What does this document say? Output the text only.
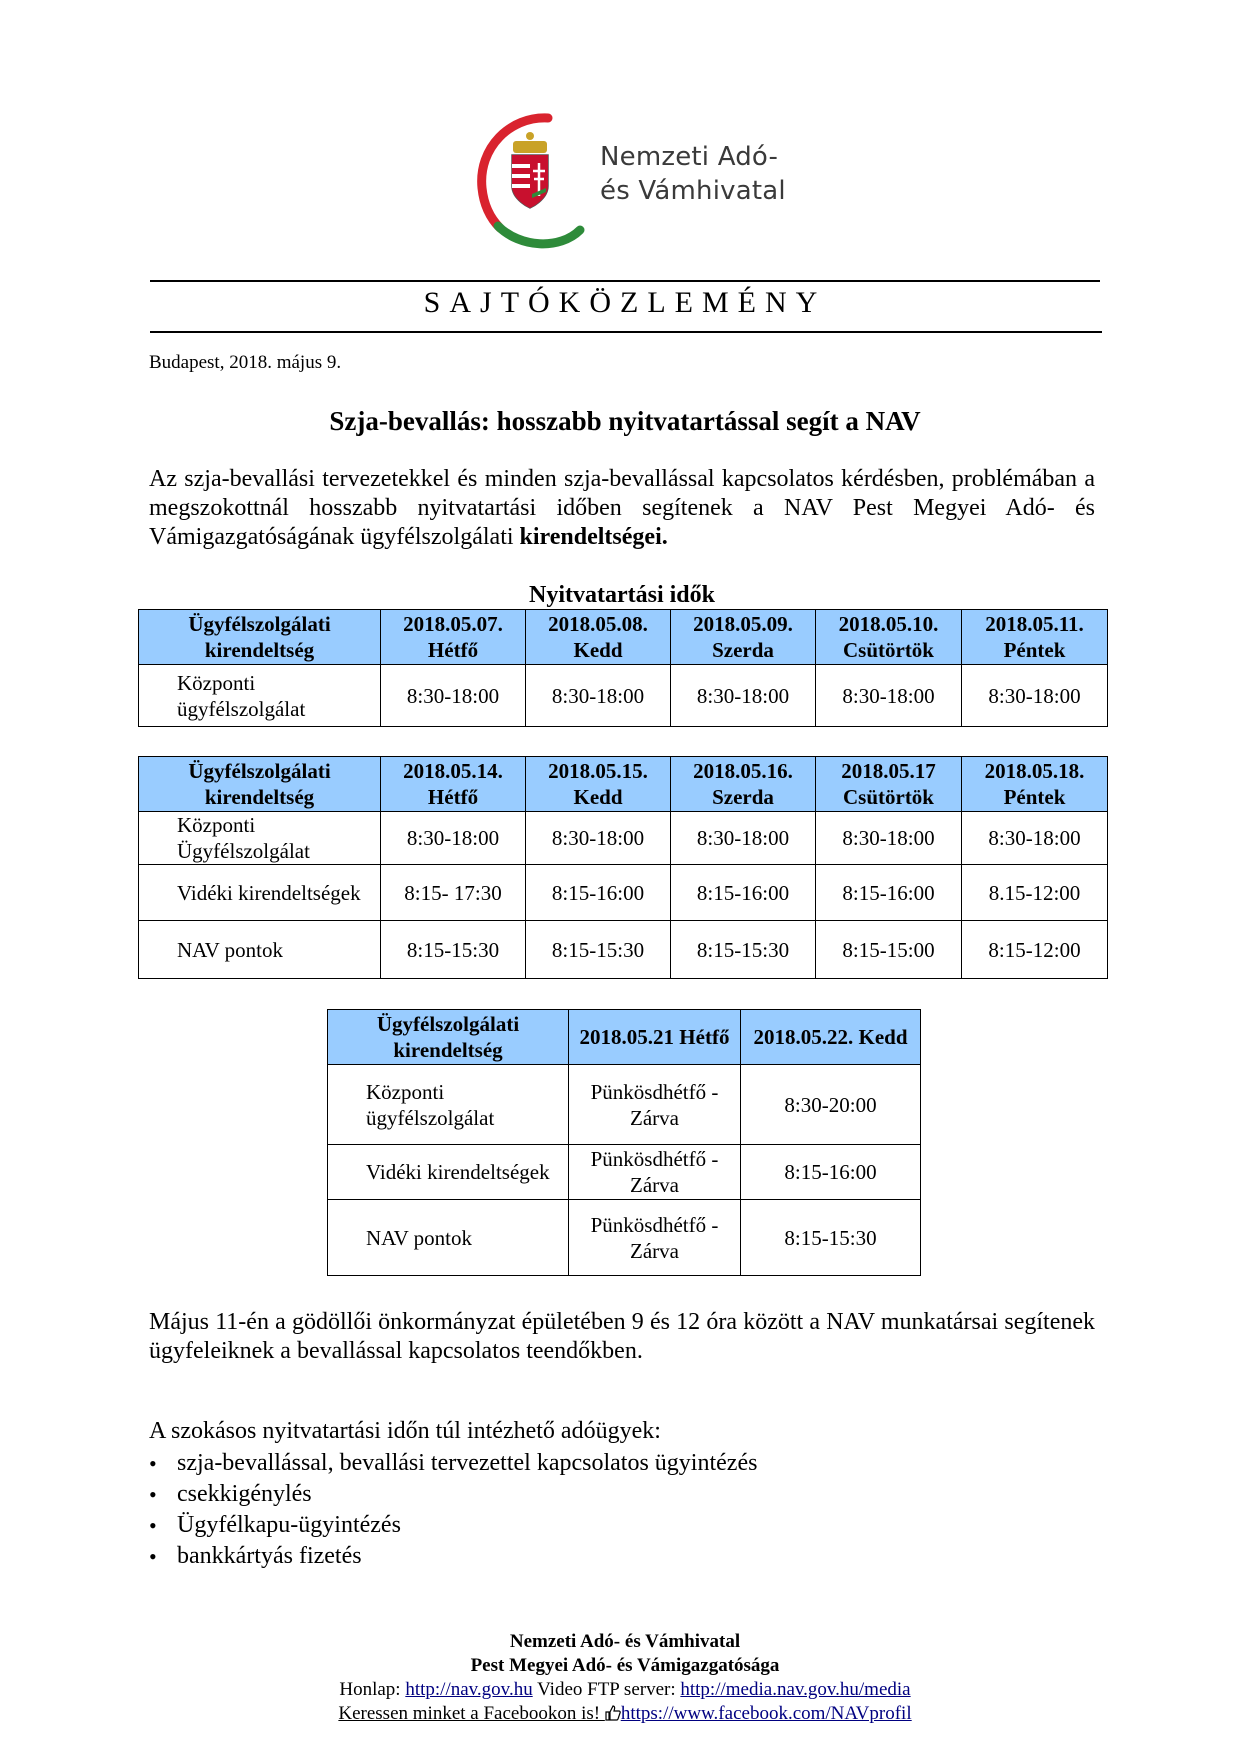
Nemzeti Adó-
és Vámhivatal
SAJTÓKÖZLEMÉNY
Budapest, 2018. május 9.
Szja-bevallás: hosszabb nyitvatartással segít a NAV
Az szja-bevallási tervezetekkel és minden szja-bevallással kapcsolatos kérdésben, problémában a megszokottnál hosszabb nyitvatartási időben segítenek a NAV Pest Megyei Adó- és Vámigazgatóságának ügyfélszolgálati kirendeltségei.
Nyitvatartási idők
Ügyfélszolgálati kirendeltség	2018.05.07. Hétfő	2018.05.08. Kedd	2018.05.09. Szerda	2018.05.10. Csütörtök	2018.05.11. Péntek
Központi ügyfélszolgálat	8:30-18:00	8:30-18:00	8:30-18:00	8:30-18:00	8:30-18:00
Ügyfélszolgálati kirendeltség	2018.05.14. Hétfő	2018.05.15. Kedd	2018.05.16. Szerda	2018.05.17 Csütörtök	2018.05.18. Péntek
Központi Ügyfélszolgálat	8:30-18:00	8:30-18:00	8:30-18:00	8:30-18:00	8:30-18:00
Vidéki kirendeltségek	8:15- 17:30	8:15-16:00	8:15-16:00	8:15-16:00	8.15-12:00
NAV pontok	8:15-15:30	8:15-15:30	8:15-15:30	8:15-15:00	8:15-12:00
Ügyfélszolgálati kirendeltség	2018.05.21 Hétfő	2018.05.22. Kedd
Központi ügyfélszolgálat	Pünkösdhétfő - Zárva	8:30-20:00
Vidéki kirendeltségek	Pünkösdhétfő - Zárva	8:15-16:00
NAV pontok	Pünkösdhétfő - Zárva	8:15-15:30
Május 11-én a gödöllői önkormányzat épületében 9 és 12 óra között a NAV munkatársai segítenek ügyfeleiknek a bevallással kapcsolatos teendőkben.
A szokásos nyitvatartási időn túl intézhető adóügyek:
• szja-bevallással, bevallási tervezettel kapcsolatos ügyintézés
• csekkigénylés
• Ügyfélkapu-ügyintézés
• bankkártyás fizetés
Nemzeti Adó- és Vámhivatal
Pest Megyei Adó- és Vámigazgatósága
Honlap: http://nav.gov.hu Video FTP server: http://media.nav.gov.hu/media
Keressen minket a Facebookon is! https://www.facebook.com/NAVprofil
